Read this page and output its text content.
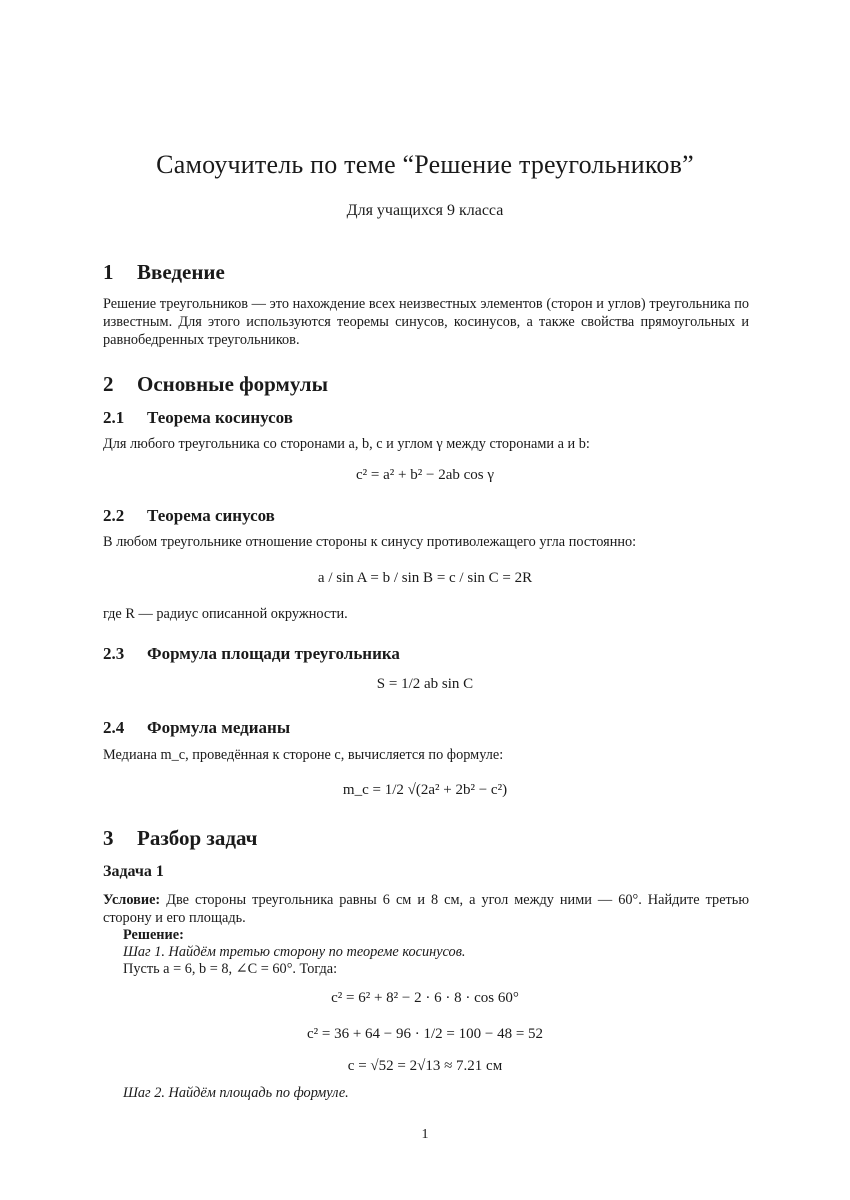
Самоучитель по теме “Решение треугольников”
Для учащихся 9 класса
1 Введение
Решение треугольников — это нахождение всех неизвестных элементов (сторон и углов) треугольника по известным. Для этого используются теоремы синусов, косинусов, а также свойства прямоугольных и равнобедренных треугольников.
2 Основные формулы
2.1 Теорема косинусов
Для любого треугольника со сторонами a, b, c и углом γ между сторонами a и b:
c² = a² + b² − 2ab cos γ
2.2 Теорема синусов
В любом треугольнике отношение стороны к синусу противолежащего угла постоянно:
a / sin A = b / sin B = c / sin C = 2R
где R — радиус описанной окружности.
2.3 Формула площади треугольника
S = 1/2 ab sin C
2.4 Формула медианы
Медиана m_c, проведённая к стороне c, вычисляется по формуле:
m_c = 1/2 √(2a² + 2b² − c²)
3 Разбор задач
Задача 1
Условие: Две стороны треугольника равны 6 см и 8 см, а угол между ними — 60°. Найдите третью сторону и его площадь.
Решение:
Шаг 1. Найдём третью сторону по теореме косинусов.
Пусть a = 6, b = 8, ∠C = 60°. Тогда:
c² = 6² + 8² − 2 · 6 · 8 · cos 60°
c² = 36 + 64 − 96 · 1/2 = 100 − 48 = 52
c = √52 = 2√13 ≈ 7.21 см
Шаг 2. Найдём площадь по формуле.
1
